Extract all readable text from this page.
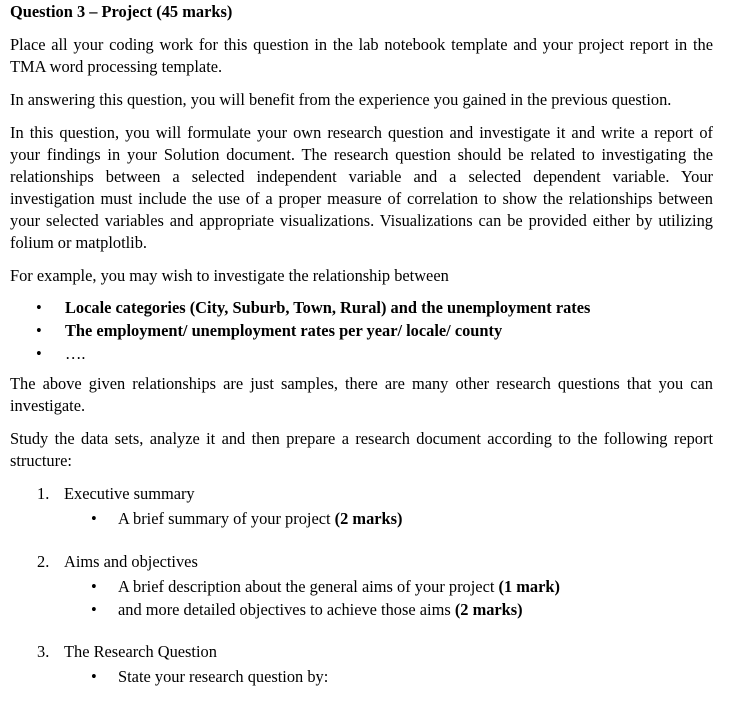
Question 3 – Project (45 marks)

Place all your coding work for this question in the lab notebook template and your project report in the TMA word processing template.

In answering this question, you will benefit from the experience you gained in the previous question.

In this question, you will formulate your own research question and investigate it and write a report of your findings in your Solution document. The research question should be related to investigating the relationships between a selected independent variable and a selected dependent variable. Your investigation must include the use of a proper measure of correlation to show the relationships between your selected variables and appropriate visualizations. Visualizations can be provided either by utilizing folium or matplotlib.

For example, you may wish to investigate the relationship between

• Locale categories (City, Suburb, Town, Rural) and the unemployment rates
• The employment/ unemployment rates per year/ locale/ county
• ….

The above given relationships are just samples, there are many other research questions that you can investigate.

Study the data sets, analyze it and then prepare a research document according to the following report structure:

1. Executive summary
• A brief summary of your project (2 marks)
2. Aims and objectives
• A brief description about the general aims of your project (1 mark)
• and more detailed objectives to achieve those aims (2 marks)
3. The Research Question
• State your research question by:
